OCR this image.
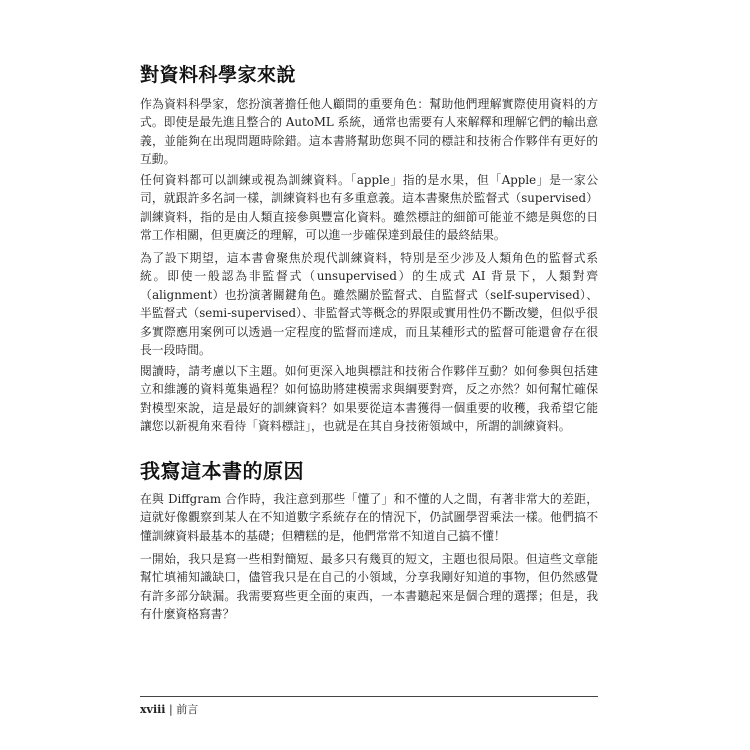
對資料科學家來說

作為資料科學家，您扮演著擔任他人顧問的重要角色：幫助他們理解實際使用資料的方式。即使是最先進且整合的 AutoML 系統，通常也需要有人來解釋和理解它們的輸出意義，並能夠在出現問題時除錯。這本書將幫助您與不同的標註和技術合作夥伴有更好的互動。

任何資料都可以訓練或視為訓練資料。「apple」指的是水果，但「Apple」是一家公司，就跟許多名詞一樣，訓練資料也有多重意義。這本書聚焦於監督式（supervised）訓練資料，指的是由人類直接參與豐富化資料。雖然標註的細節可能並不總是與您的日常工作相關，但更廣泛的理解，可以進一步確保達到最佳的最終結果。

為了設下期望，這本書會聚焦於現代訓練資料，特別是至少涉及人類角色的監督式系統。即使一般認為非監督式（unsupervised）的生成式 AI 背景下，人類對齊（alignment）也扮演著關鍵角色。雖然關於監督式、自監督式（self-supervised）、半監督式（semi-supervised）、非監督式等概念的界限或實用性仍不斷改變，但似乎很多實際應用案例可以透過一定程度的監督而達成，而且某種形式的監督可能還會存在很長一段時間。

閱讀時，請考慮以下主題。如何更深入地與標註和技術合作夥伴互動？如何參與包括建立和維護的資料蒐集過程？如何協助將建模需求與綱要對齊，反之亦然？如何幫忙確保對模型來說，這是最好的訓練資料？如果要從這本書獲得一個重要的收穫，我希望它能讓您以新視角來看待「資料標註」，也就是在其自身技術領域中，所謂的訓練資料。

我寫這本書的原因

在與 Diffgram 合作時，我注意到那些「懂了」和不懂的人之間，有著非常大的差距，這就好像觀察到某人在不知道數字系統存在的情況下，仍試圖學習乘法一樣。他們搞不懂訓練資料最基本的基礎；但糟糕的是，他們常常不知道自己搞不懂！

一開始，我只是寫一些相對簡短、最多只有幾頁的短文，主題也很局限。但這些文章能幫忙填補知識缺口，儘管我只是在自己的小領域，分享我剛好知道的事物，但仍然感覺有許多部分缺漏。我需要寫些更全面的東西，一本書聽起來是個合理的選擇；但是，我有什麼資格寫書？

xviii | 前言
